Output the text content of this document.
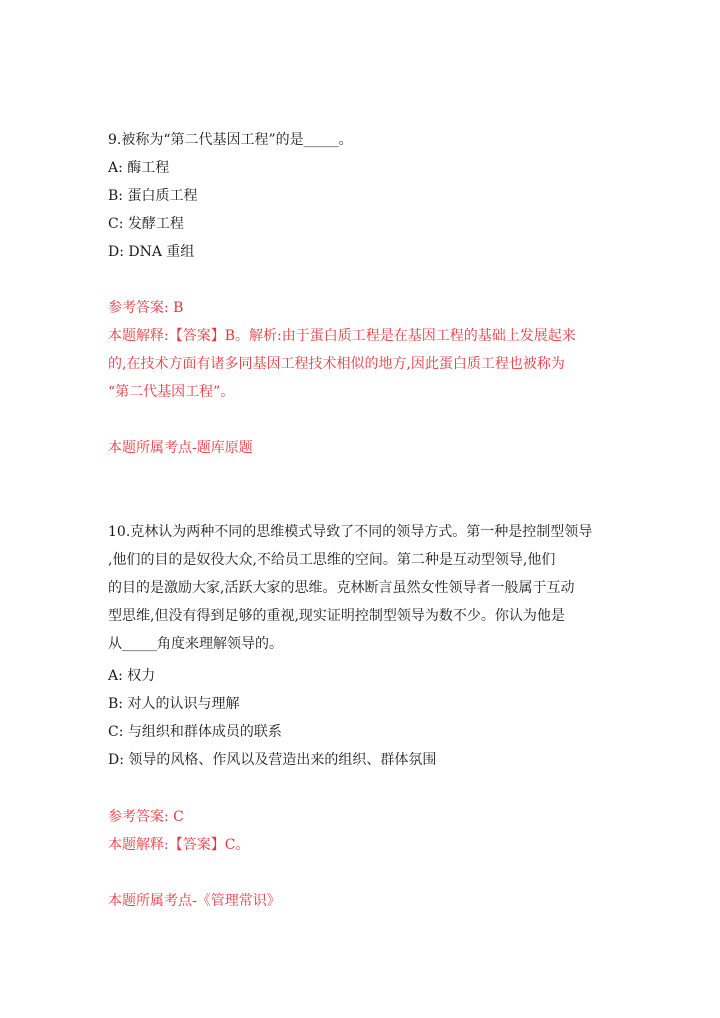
9.被称为“第二代基因工程”的是_____。
A: 酶工程
B: 蛋白质工程
C: 发酵工程
D: DNA 重组
参考答案: B
本题解释:【答案】B。解析:由于蛋白质工程是在基因工程的基础上发展起来
的,在技术方面有诸多同基因工程技术相似的地方,因此蛋白质工程也被称为
“第二代基因工程”。
本题所属考点-题库原题
10.克林认为两种不同的思维模式导致了不同的领导方式。第一种是控制型领导
,他们的目的是奴役大众,不给员工思维的空间。第二种是互动型领导,他们
的目的是激励大家,活跃大家的思维。克林断言虽然女性领导者一般属于互动
型思维,但没有得到足够的重视,现实证明控制型领导为数不少。你认为他是
从_____角度来理解领导的。
A: 权力
B: 对人的认识与理解
C: 与组织和群体成员的联系
D: 领导的风格、作风以及营造出来的组织、群体氛围
参考答案: C
本题解释:【答案】C。
本题所属考点-《管理常识》
